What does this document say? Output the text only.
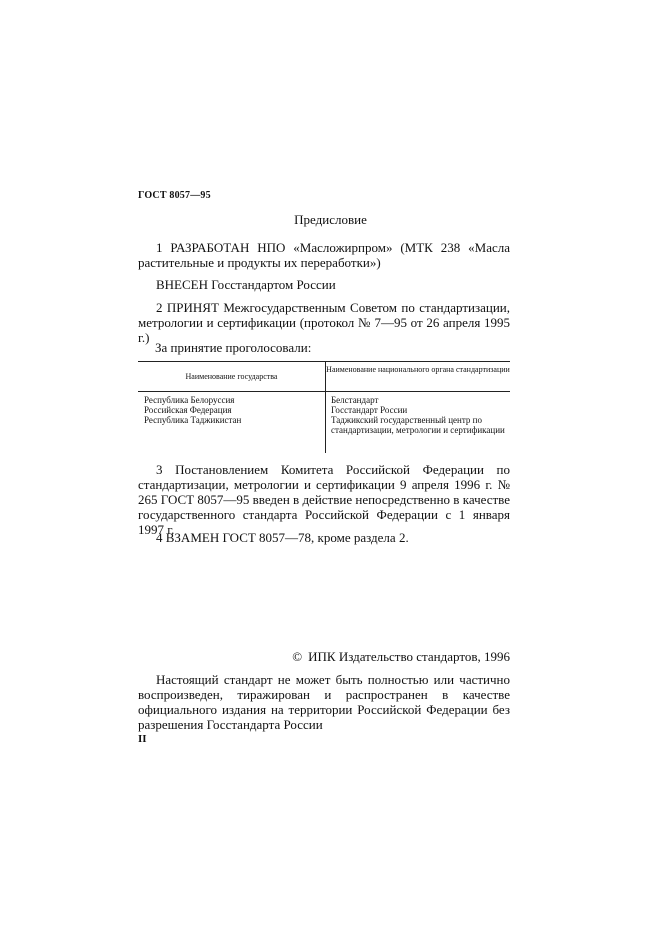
ГОСТ 8057—95
Предисловие
1 РАЗРАБОТАН НПО «Масложирпром» (МТК 238 «Масла растительные и продукты их переработки»)
ВНЕСЕН Госстандартом России
2 ПРИНЯТ Межгосударственным Советом по стандартизации, метрологии и сертификации (протокол № 7—95 от 26 апреля 1995 г.)
За принятие проголосовали:
Наименование государства
Наименование национального органа стандартизации
Республика Белоруссия
Российская Федерация
Республика Таджикистан
Белстандарт
Госстандарт России
Таджикский государственный центр по стандартизации, метрологии и сертификации
3 Постановлением Комитета Российской Федерации по стандартизации, метрологии и сертификации 9 апреля 1996 г. № 265 ГОСТ 8057—95 введен в действие непосредственно в качестве государственного стандарта Российской Федерации с 1 января 1997 г.
4 ВЗАМЕН ГОСТ 8057—78, кроме раздела 2.
© ИПК Издательство стандартов, 1996
Настоящий стандарт не может быть полностью или частично воспроизведен, тиражирован и распространен в качестве официального издания на территории Российской Федерации без разрешения Госстандарта России
II
